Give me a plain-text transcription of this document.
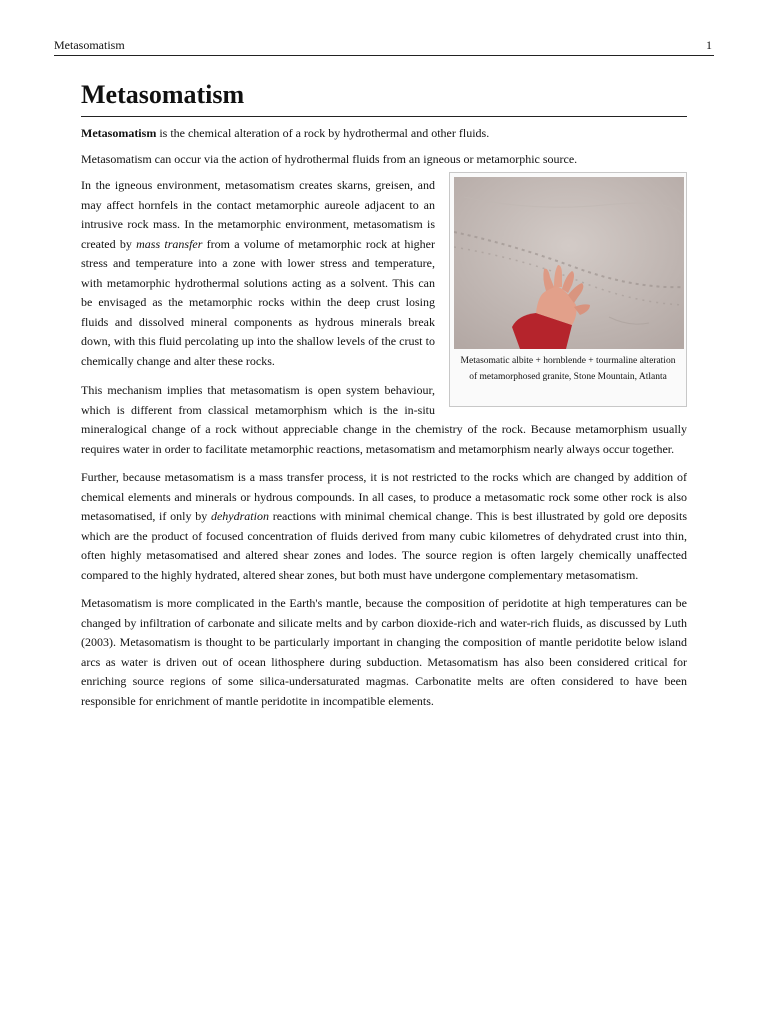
Metasomatism	1
Metasomatism

Metasomatism is the chemical alteration of a rock by hydrothermal and other fluids.

Metasomatism can occur via the action of hydrothermal fluids from an igneous or metamorphic source.

Metasomatic albite + hornblende + tourmaline alteration of metamorphosed granite, Stone Mountain, Atlanta

In the igneous environment, metasomatism creates skarns, greisen, and may affect hornfels in the contact metamorphic aureole adjacent to an intrusive rock mass. In the metamorphic environment, metasomatism is created by mass transfer from a volume of metamorphic rock at higher stress and temperature into a zone with lower stress and temperature, with metamorphic hydrothermal solutions acting as a solvent. This can be envisaged as the metamorphic rocks within the deep crust losing fluids and dissolved mineral components as hydrous minerals break down, with this fluid percolating up into the shallow levels of the crust to chemically change and alter these rocks.

This mechanism implies that metasomatism is open system behaviour, which is different from classical metamorphism which is the in-situ mineralogical change of a rock without appreciable change in the chemistry of the rock. Because metamorphism usually requires water in order to facilitate metamorphic reactions, metasomatism and metamorphism nearly always occur together.

Further, because metasomatism is a mass transfer process, it is not restricted to the rocks which are changed by addition of chemical elements and minerals or hydrous compounds. In all cases, to produce a metasomatic rock some other rock is also metasomatised, if only by dehydration reactions with minimal chemical change. This is best illustrated by gold ore deposits which are the product of focused concentration of fluids derived from many cubic kilometres of dehydrated crust into thin, often highly metasomatised and altered shear zones and lodes. The source region is often largely chemically unaffected compared to the highly hydrated, altered shear zones, but both must have undergone complementary metasomatism.

Metasomatism is more complicated in the Earth's mantle, because the composition of peridotite at high temperatures can be changed by infiltration of carbonate and silicate melts and by carbon dioxide-rich and water-rich fluids, as discussed by Luth (2003). Metasomatism is thought to be particularly important in changing the composition of mantle peridotite below island arcs as water is driven out of ocean lithosphere during subduction. Metasomatism has also been considered critical for enriching source regions of some silica-undersaturated magmas. Carbonatite melts are often considered to have been responsible for enrichment of mantle peridotite in incompatible elements.
